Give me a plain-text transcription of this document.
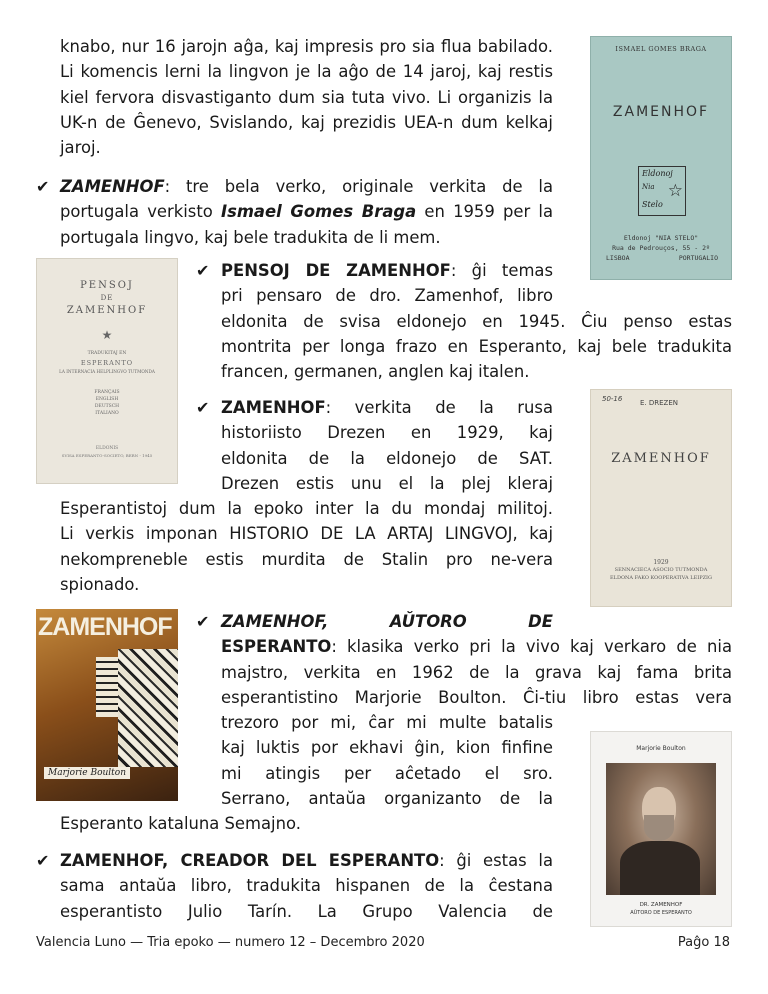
knabo, nur 16 jarojn aĝa, kaj impresis pro sia flua babilado. Li komencis lerni la lingvon je la aĝo de 14 jaroj, kaj restis kiel fervora disvastiganto dum sia tuta vivo. Li organizis la UK-n de Ĝenevo, Svislando, kaj prezidis UEA-n dum kelkaj jaroj.

✔ ZAMENHOF: tre bela verko, originale verkita de la portugala verkisto Ismael Gomes Braga en 1959 per la portugala lingvo, kaj bele tradukita de li mem.

ISMAEL GOMES BRAGA
ZAMENHOF
Eldonoj
Nia
Stelo
☆
Eldonoj "NIA STELO"
Rua de Pedrouços, 55 - 2º
LISBOA	PORTUGALIO
PENSOJ
DE
ZAMENHOF
★
TRADUKITAJ EN
ESPERANTO
LA INTERNACIA HELPLINGVO TUTMONDA
FRANÇAIS
ENGLISH
DEUTSCH
ITALIANO
ELDONIS
SVISA ESPERANTO-SOCIETO, BERN - 1945
✔ PENSOJ DE ZAMENHOF: ĝi temas
pri pensaro de dro. Zamenhof, libro
eldonita de svisa eldonejo en 1945. Ĉiu penso estas
montrita per longa frazo en Esperanto, kaj bele tradukita
francen, germanen, anglen kaj italen.
✔ ZAMENHOF: verkita de la rusa
historiisto Drezen en 1929, kaj
eldonita de la eldonejo de SAT.
Drezen estis unu el la plej kleraj
Esperantistoj dum la epoko inter la du mondaj militoj.
Li verkis imponan HISTORIO DE LA ARTAJ LINGVOJ, kaj
nekompreneble estis murdita de Stalin pro ne-vera
spionado.
50-16	E. DREZEN
ZAMENHOF
1929
SENNACIECA ASOCIO TUTMONDA
ELDONA FAKO KOOPERATIVA LEIPZIG
ZAMENHOF
Marjorie Boulton
✔ ZAMENHOF, AŬTORO DE
ESPERANTO: klasika verko pri la vivo kaj verkaro de nia
majstro, verkita en 1962 de la grava kaj fama brita
esperantistino Marjorie Boulton. Ĉi-tiu libro estas vera
trezoro por mi, ĉar mi multe batalis
kaj luktis por ekhavi ĝin, kion finfine
mi atingis per aĉetado el sro.
Serrano, antaŭa organizanto de la
Esperanto kataluna Semajno.
Marjorie Boulton
DR. ZAMENHOF
AŬTORO DE ESPERANTO
✔ ZAMENHOF, CREADOR DEL ESPERANTO: ĝi estas la
sama antaŭa libro, tradukita hispanen de la ĉestana
esperantisto Julio Tarín. La Grupo Valencia de
Valencia Luno — Tria epoko — numero 12 – Decembro 2020	Paĝo 18
